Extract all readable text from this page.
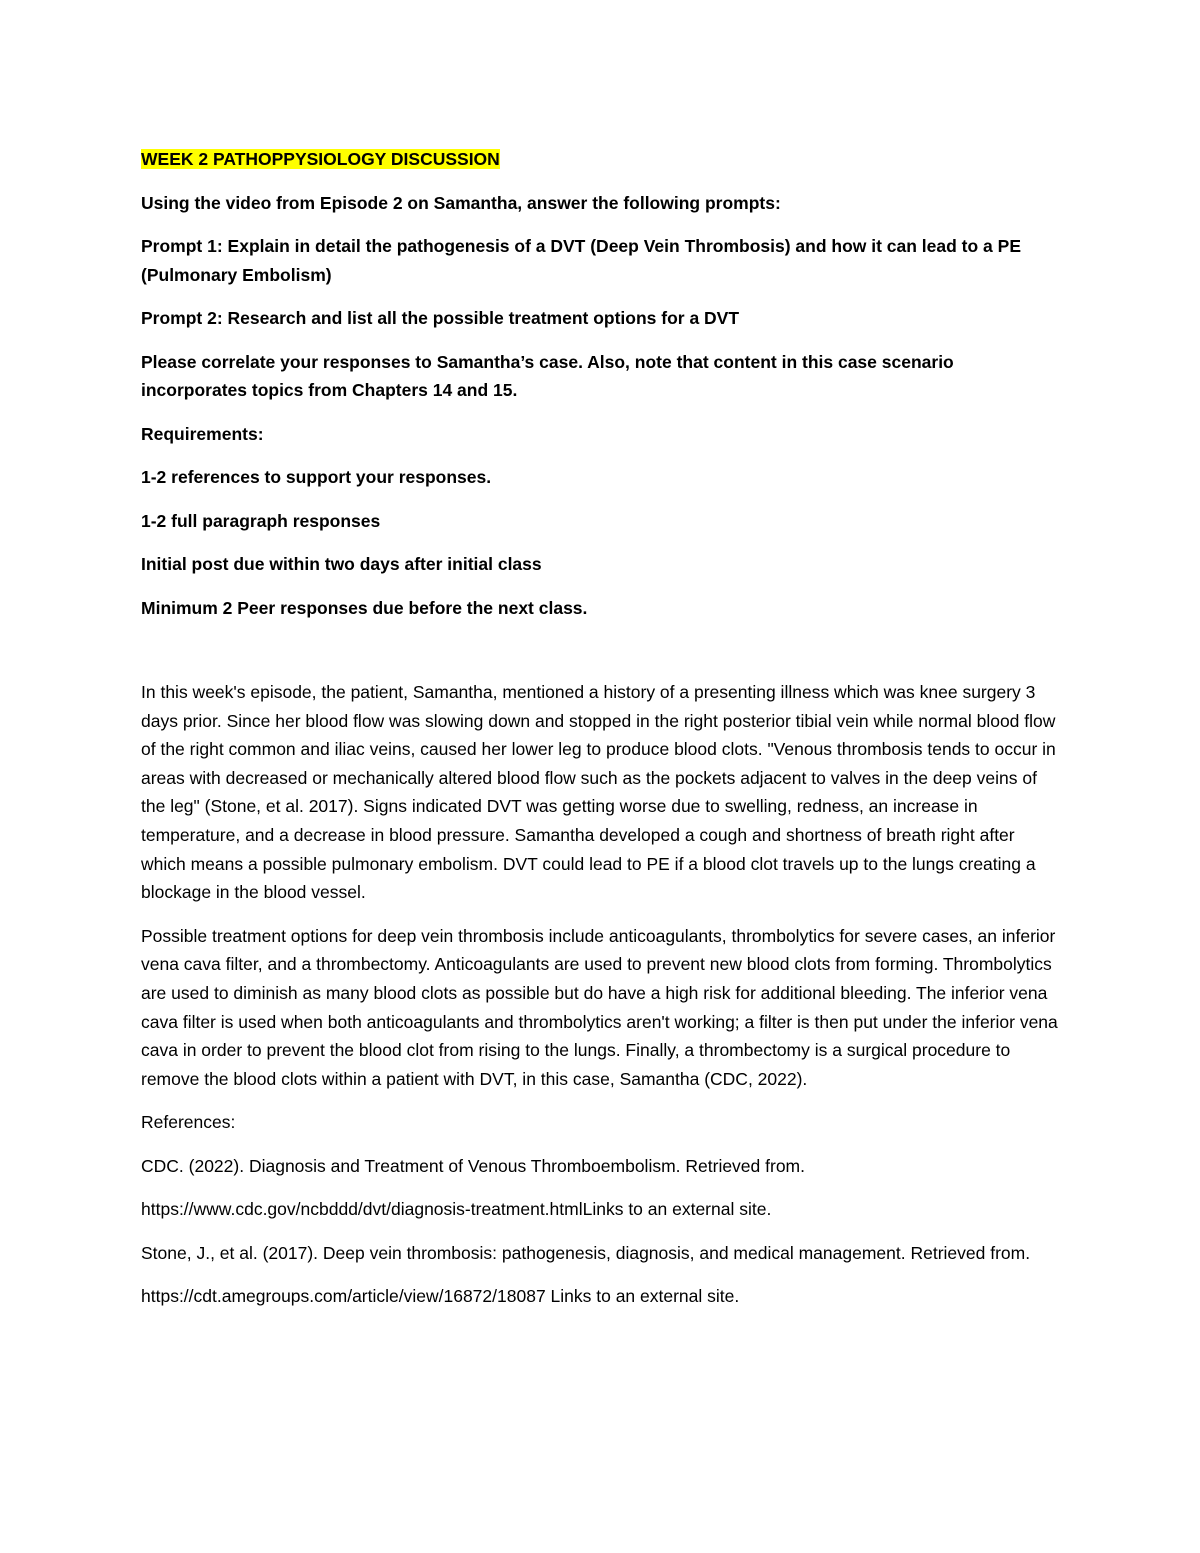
WEEK 2 PATHOPPYSIOLOGY DISCUSSION

Using the video from Episode 2 on Samantha, answer the following prompts:

Prompt 1: Explain in detail the pathogenesis of a DVT (Deep Vein Thrombosis) and how it can lead to a PE (Pulmonary Embolism)

Prompt 2: Research and list all the possible treatment options for a DVT

Please correlate your responses to Samantha’s case. Also, note that content in this case scenario incorporates topics from Chapters 14 and 15.

Requirements:

1-2 references to support your responses.

1-2 full paragraph responses

Initial post due within two days after initial class

Minimum 2 Peer responses due before the next class.

In this week's episode, the patient, Samantha, mentioned a history of a presenting illness which was knee surgery 3 days prior. Since her blood flow was slowing down and stopped in the right posterior tibial vein while normal blood flow of the right common and iliac veins, caused her lower leg to produce blood clots. "Venous thrombosis tends to occur in areas with decreased or mechanically altered blood flow such as the pockets adjacent to valves in the deep veins of the leg" (Stone, et al. 2017). Signs indicated DVT was getting worse due to swelling, redness, an increase in temperature, and a decrease in blood pressure. Samantha developed a cough and shortness of breath right after which means a possible pulmonary embolism. DVT could lead to PE if a blood clot travels up to the lungs creating a blockage in the blood vessel.

Possible treatment options for deep vein thrombosis include anticoagulants, thrombolytics for severe cases, an inferior vena cava filter, and a thrombectomy. Anticoagulants are used to prevent new blood clots from forming. Thrombolytics are used to diminish as many blood clots as possible but do have a high risk for additional bleeding. The inferior vena cava filter is used when both anticoagulants and thrombolytics aren't working; a filter is then put under the inferior vena cava in order to prevent the blood clot from rising to the lungs. Finally, a thrombectomy is a surgical procedure to remove the blood clots within a patient with DVT, in this case, Samantha (CDC, 2022).

References:

CDC. (2022). Diagnosis and Treatment of Venous Thromboembolism. Retrieved from.

https://www.cdc.gov/ncbddd/dvt/diagnosis-treatment.htmlLinks to an external site.

Stone, J., et al. (2017). Deep vein thrombosis: pathogenesis, diagnosis, and medical management. Retrieved from.

https://cdt.amegroups.com/article/view/16872/18087 Links to an external site.
